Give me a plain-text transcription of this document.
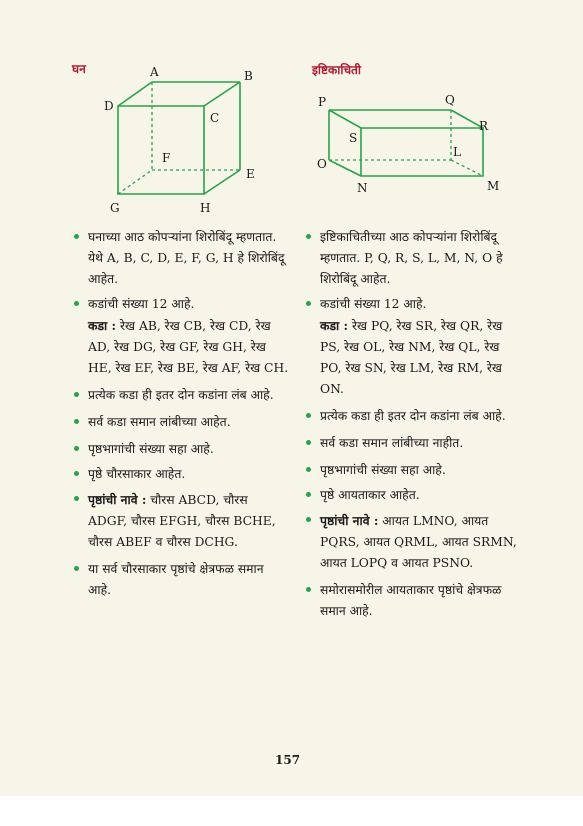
घन	इष्टिकाचिती
A	B
C
D
E
F
G	H
P	Q
R
S
L
M
N
O
घनाच्या आठ कोपऱ्यांना शिरोबिंदू म्हणतात. येथे A, B, C, D, E, F, G, H हे शिरोबिंदू आहेत.
कडांची संख्या 12 आहे.
कडा : रेख AB, रेख CB, रेख CD, रेख AD, रेख DG, रेख GF, रेख GH, रेख HE, रेख EF, रेख BE, रेख AF, रेख CH.
प्रत्येक कडा ही इतर दोन कडांना लंब आहे.
सर्व कडा समान लांबीच्या आहेत.
पृष्ठभागांची संख्या सहा आहे.
पृष्ठे चौरसाकार आहेत.
पृष्ठांची नावे : चौरस ABCD, चौरस ADGF, चौरस EFGH, चौरस BCHE, चौरस ABEF व चौरस DCHG.
या सर्व चौरसाकार पृष्ठांचे क्षेत्रफळ समान आहे.
इष्टिकाचितीच्या आठ कोपऱ्यांना शिरोबिंदू म्हणतात. P, Q, R, S, L, M, N, O हे शिरोबिंदू आहेत.
कडांची संख्या 12 आहे.
कडा : रेख PQ, रेख SR, रेख QR, रेख PS, रेख OL, रेख NM, रेख QL, रेख PO, रेख SN, रेख LM, रेख RM, रेख ON.
प्रत्येक कडा ही इतर दोन कडांना लंब आहे.
सर्व कडा समान लांबीच्या नाहीत.
पृष्ठभागांची संख्या सहा आहे.
पृष्ठे आयताकार आहेत.
पृष्ठांची नावे : आयत LMNO, आयत PQRS, आयत QRML, आयत SRMN, आयत LOPQ व आयत PSNO.
समोरासमोरील आयताकार पृष्ठांचे क्षेत्रफळ समान आहे.
157
